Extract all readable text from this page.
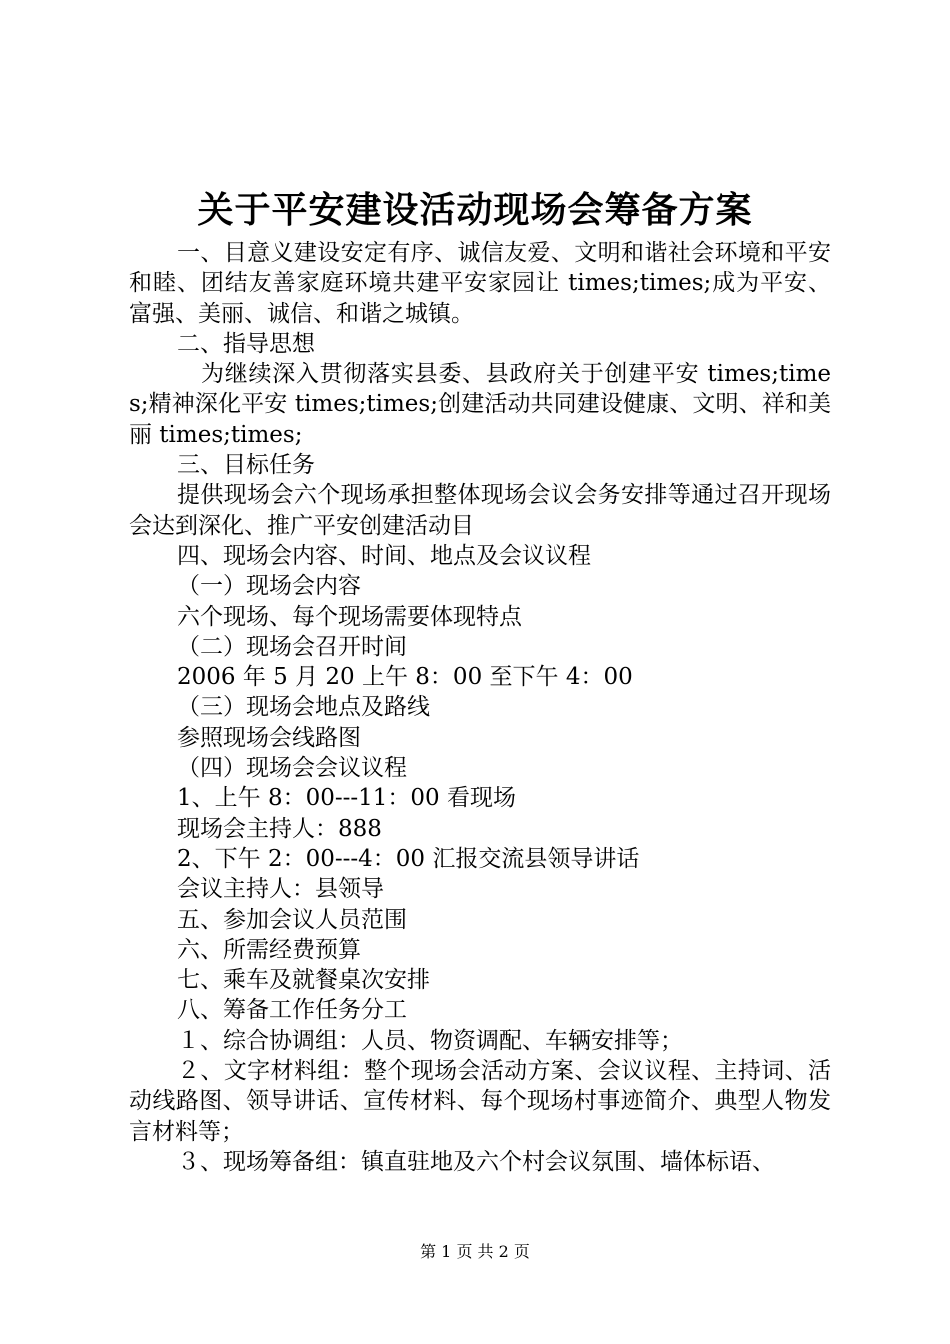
关于平安建设活动现场会筹备方案

一、目意义建设安定有序、诚信友爱、文明和谐社会环境和平安和睦、团结友善家庭环境共建平安家园让 times;times;成为平安、富强、美丽、诚信、和谐之城镇。

二、指导思想

为继续深入贯彻落实县委、县政府关于创建平安 times;times;精神深化平安 times;times;创建活动共同建设健康、文明、祥和美丽 times;times;

三、目标任务

提供现场会六个现场承担整体现场会议会务安排等通过召开现场会达到深化、推广平安创建活动目

四、现场会内容、时间、地点及会议议程

（一）现场会内容

六个现场、每个现场需要体现特点

（二）现场会召开时间

2006 年 5 月 20 上午 8：00 至下午 4：00

（三）现场会地点及路线

参照现场会线路图

（四）现场会会议议程

1、上午 8：00---11：00 看现场

现场会主持人：888

2、下午 2：00---4：00 汇报交流县领导讲话

会议主持人：县领导

五、参加会议人员范围

六、所需经费预算

七、乘车及就餐桌次安排

八、筹备工作任务分工

１、综合协调组：人员、物资调配、车辆安排等；

２、文字材料组：整个现场会活动方案、会议议程、主持词、活动线路图、领导讲话、宣传材料、每个现场村事迹简介、典型人物发言材料等；

３、现场筹备组：镇直驻地及六个村会议氛围、墙体标语、

第 1 页 共 2 页
